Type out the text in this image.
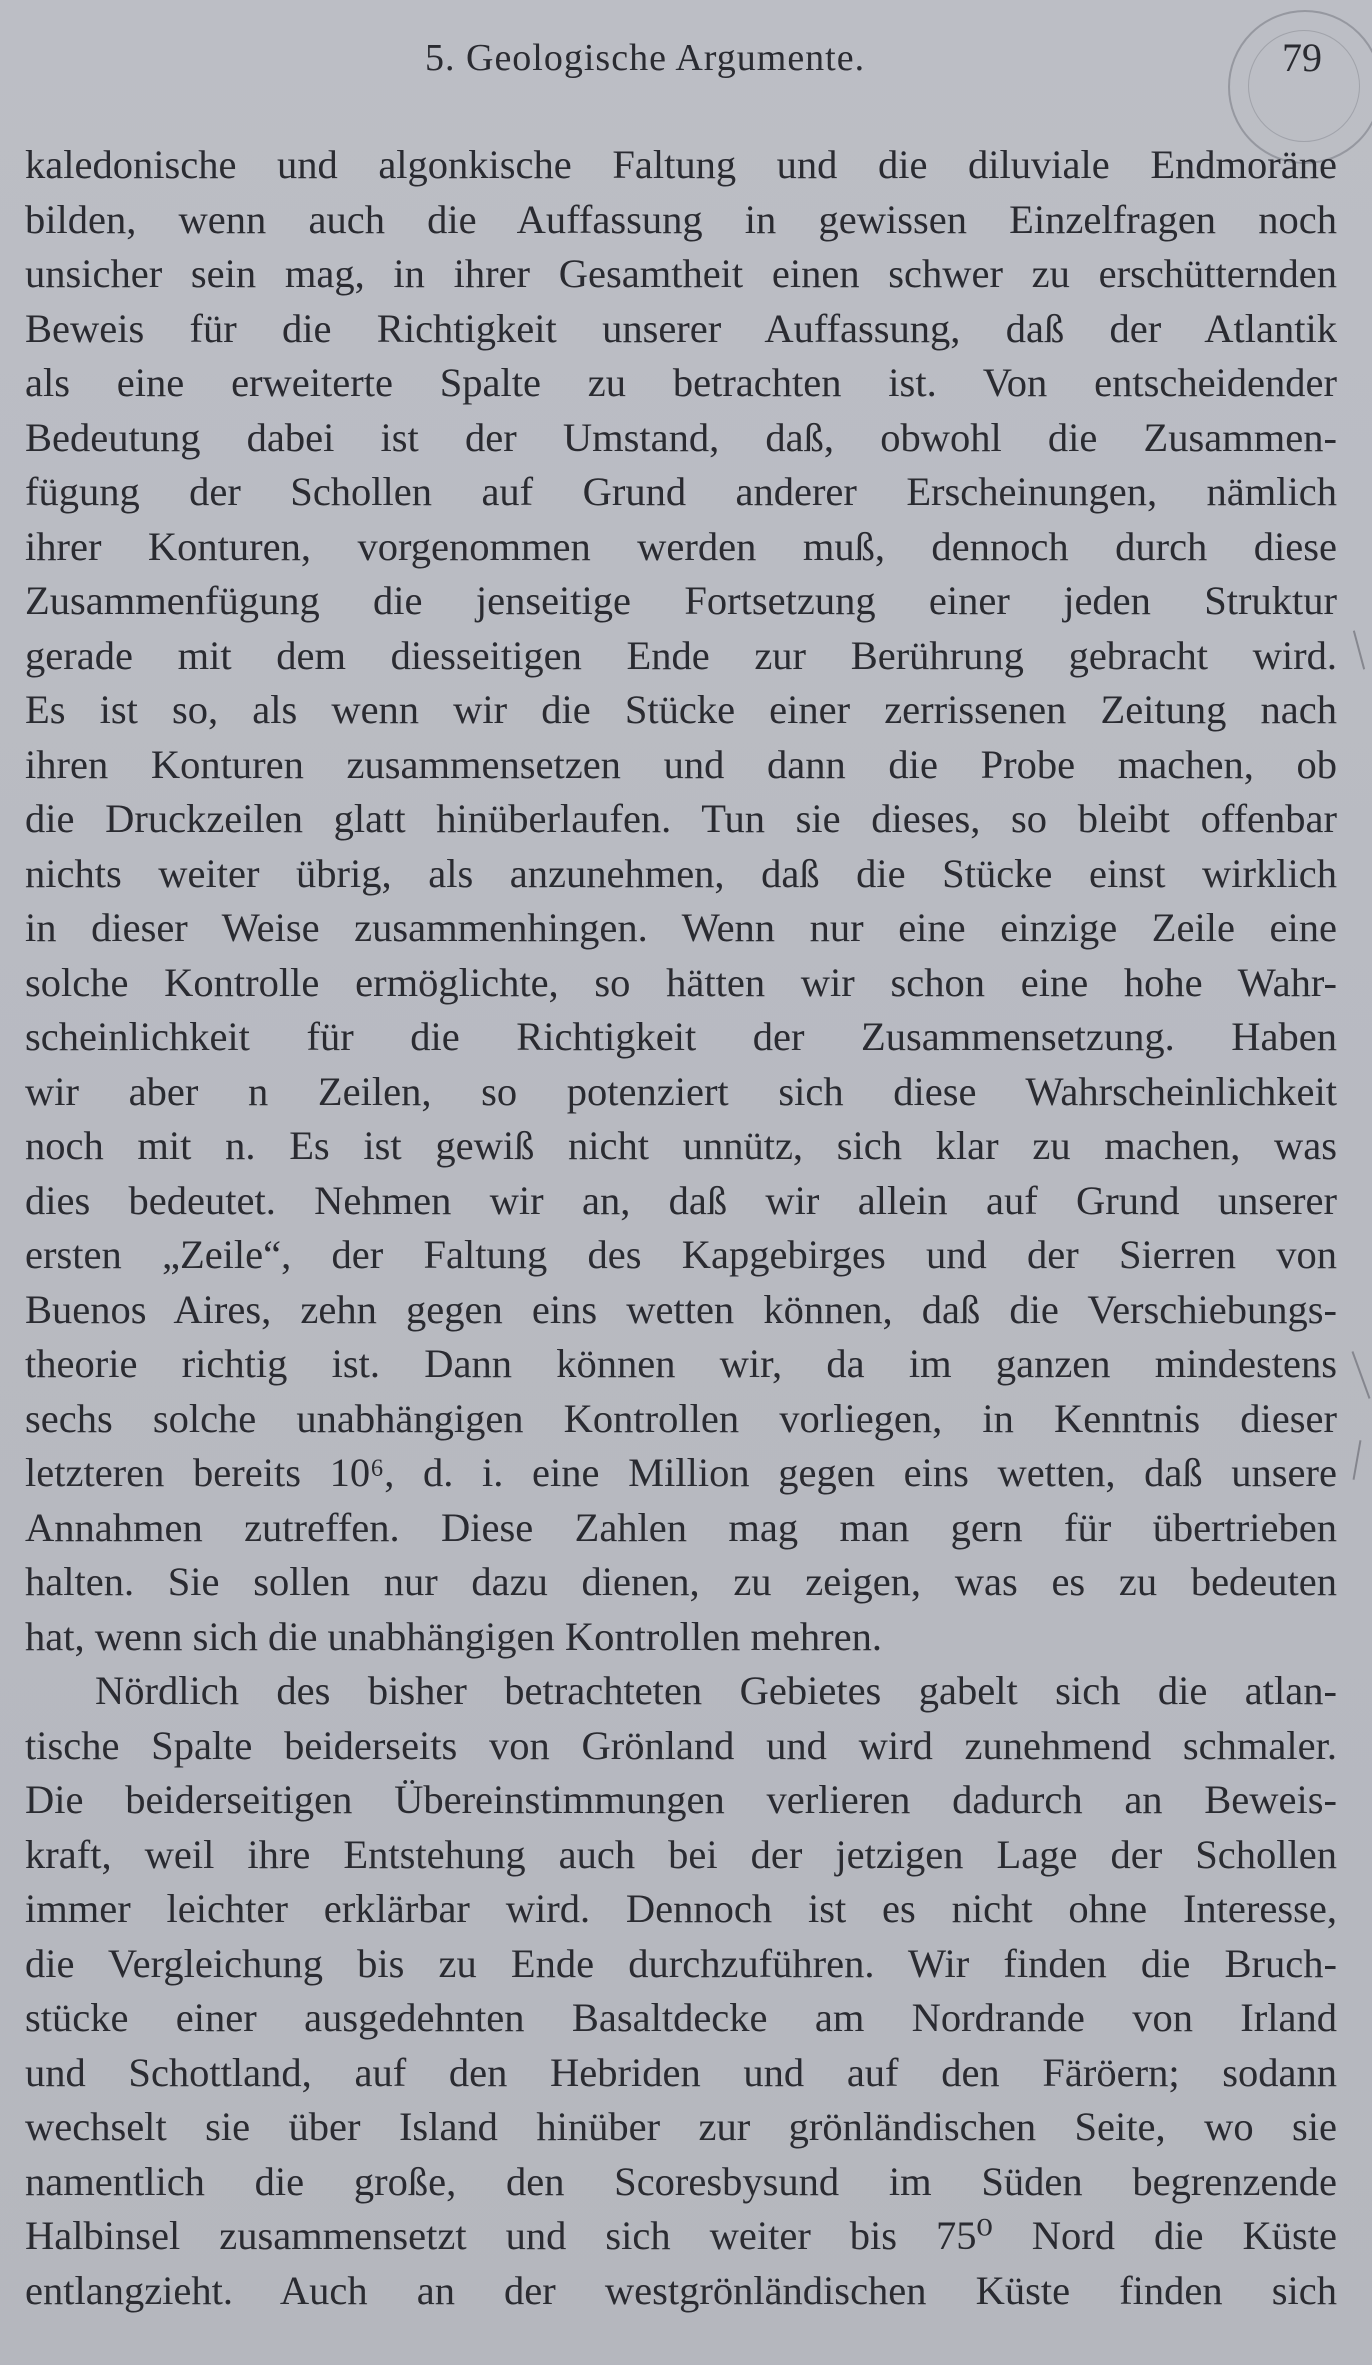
5. Geologische Argumente.	79
kaledonische und algonkische Faltung und die diluviale Endmoräne
bilden, wenn auch die Auffassung in gewissen Einzelfragen noch
unsicher sein mag, in ihrer Gesamtheit einen schwer zu erschütternden
Beweis für die Richtigkeit unserer Auffassung, daß der Atlantik
als eine erweiterte Spalte zu betrachten ist. Von entscheidender
Bedeutung dabei ist der Umstand, daß, obwohl die Zusammen-
fügung der Schollen auf Grund anderer Erscheinungen, nämlich
ihrer Konturen, vorgenommen werden muß, dennoch durch diese
Zusammenfügung die jenseitige Fortsetzung einer jeden Struktur
gerade mit dem diesseitigen Ende zur Berührung gebracht wird.
Es ist so, als wenn wir die Stücke einer zerrissenen Zeitung nach
ihren Konturen zusammensetzen und dann die Probe machen, ob
die Druckzeilen glatt hinüberlaufen. Tun sie dieses, so bleibt offenbar
nichts weiter übrig, als anzunehmen, daß die Stücke einst wirklich
in dieser Weise zusammenhingen. Wenn nur eine einzige Zeile eine
solche Kontrolle ermöglichte, so hätten wir schon eine hohe Wahr-
scheinlichkeit für die Richtigkeit der Zusammensetzung. Haben
wir aber n Zeilen, so potenziert sich diese Wahrscheinlichkeit
noch mit n. Es ist gewiß nicht unnütz, sich klar zu machen, was
dies bedeutet. Nehmen wir an, daß wir allein auf Grund unserer
ersten „Zeile“, der Faltung des Kapgebirges und der Sierren von
Buenos Aires, zehn gegen eins wetten können, daß die Verschiebungs-
theorie richtig ist. Dann können wir, da im ganzen mindestens
sechs solche unabhängigen Kontrollen vorliegen, in Kenntnis dieser
letzteren bereits 10⁶, d. i. eine Million gegen eins wetten, daß unsere
Annahmen zutreffen. Diese Zahlen mag man gern für übertrieben
halten. Sie sollen nur dazu dienen, zu zeigen, was es zu bedeuten
hat, wenn sich die unabhängigen Kontrollen mehren.
Nördlich des bisher betrachteten Gebietes gabelt sich die atlan-
tische Spalte beiderseits von Grönland und wird zunehmend schmaler.
Die beiderseitigen Übereinstimmungen verlieren dadurch an Beweis-
kraft, weil ihre Entstehung auch bei der jetzigen Lage der Schollen
immer leichter erklärbar wird. Dennoch ist es nicht ohne Interesse,
die Vergleichung bis zu Ende durchzuführen. Wir finden die Bruch-
stücke einer ausgedehnten Basaltdecke am Nordrande von Irland
und Schottland, auf den Hebriden und auf den Färöern; sodann
wechselt sie über Island hinüber zur grönländischen Seite, wo sie
namentlich die große, den Scoresbysund im Süden begrenzende
Halbinsel zusammensetzt und sich weiter bis 75⁰ Nord die Küste
entlangzieht. Auch an der westgrönländischen Küste finden sich
